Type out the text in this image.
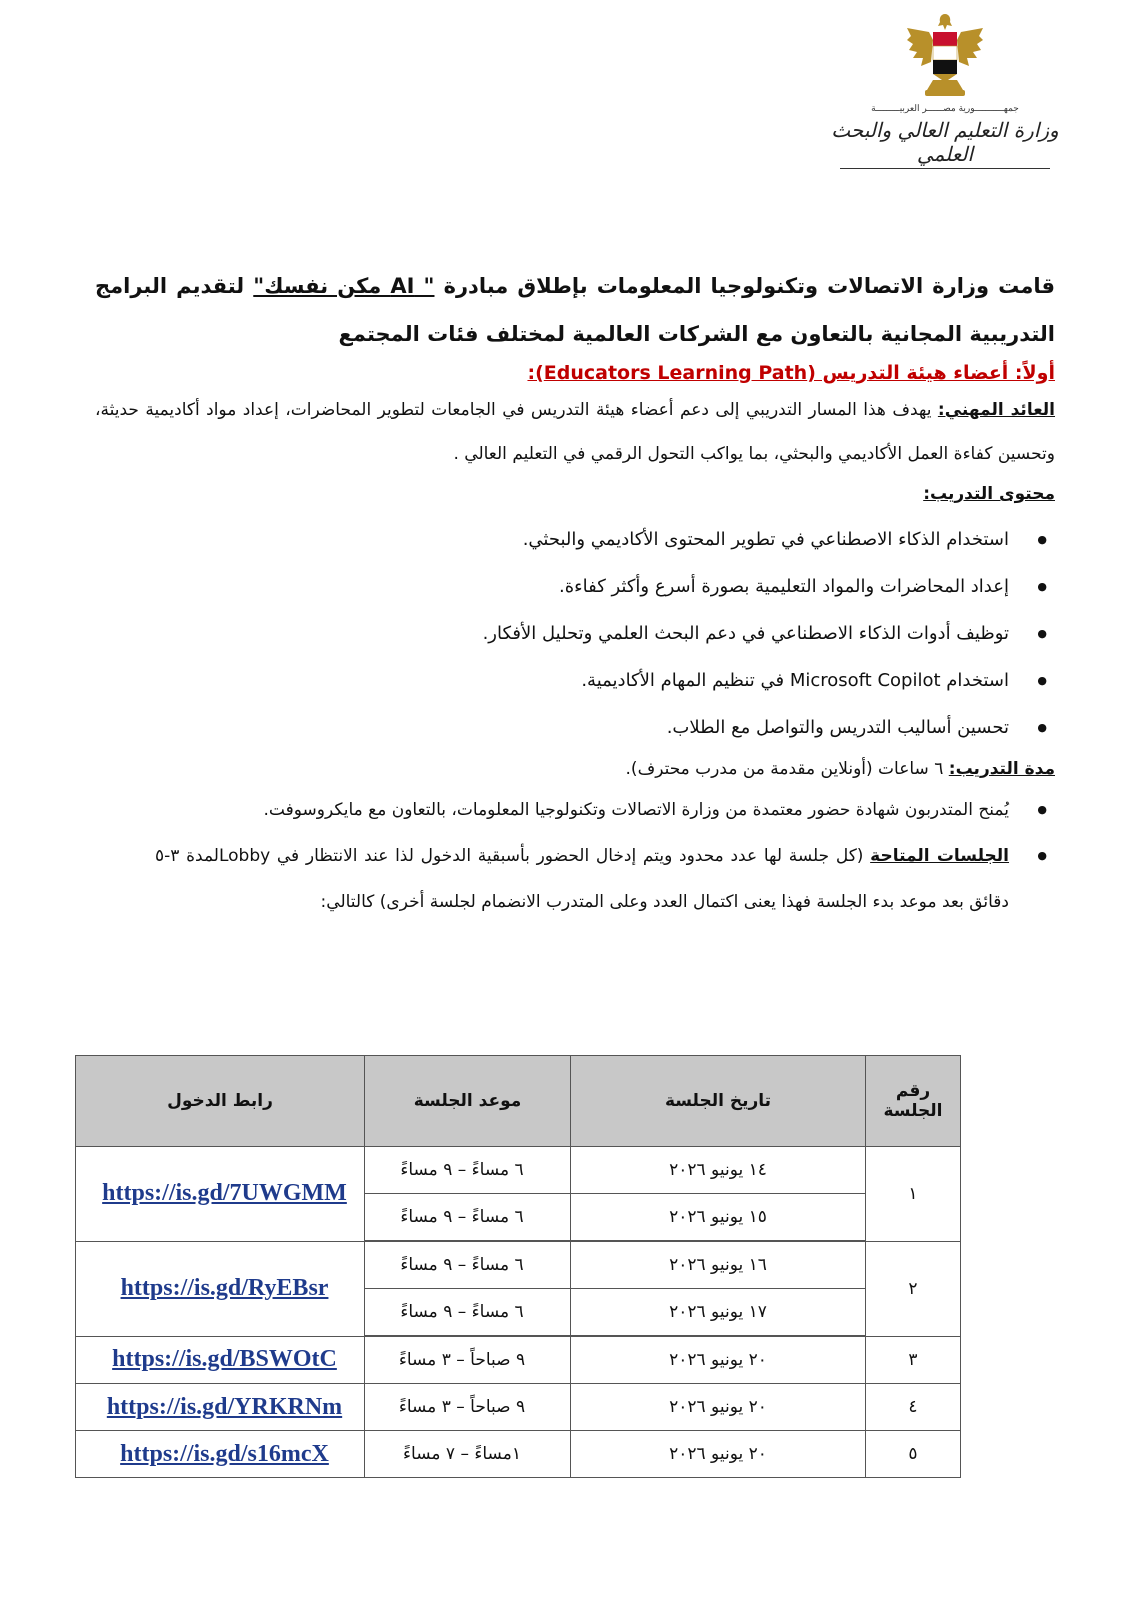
جمهـــــــــــورية مصــــــر العربيـــــــــة
وزارة التعليم العالي والبحث العلمي
قامت وزارة الاتصالات وتكنولوجيا المعلومات بإطلاق مبادرة " AI مكن نفسك" لتقديم البرامج التدريبية المجانية بالتعاون مع الشركات العالمية لمختلف فئات المجتمع
أولاً: أعضاء هيئة التدريس (Educators Learning Path):
العائد المهني: يهدف هذا المسار التدريبي إلى دعم أعضاء هيئة التدريس في الجامعات لتطوير المحاضرات، إعداد مواد أكاديمية حديثة، وتحسين كفاءة العمل الأكاديمي والبحثي، بما يواكب التحول الرقمي في التعليم العالي .
محتوى التدريب:
● استخدام الذكاء الاصطناعي في تطوير المحتوى الأكاديمي والبحثي.
● إعداد المحاضرات والمواد التعليمية بصورة أسرع وأكثر كفاءة.
● توظيف أدوات الذكاء الاصطناعي في دعم البحث العلمي وتحليل الأفكار.
● استخدام Microsoft Copilot في تنظيم المهام الأكاديمية.
● تحسين أساليب التدريس والتواصل مع الطلاب.
مدة التدريب: ٦ ساعات (أونلاين مقدمة من مدرب محترف).
● يُمنح المتدربون شهادة حضور معتمدة من وزارة الاتصالات وتكنولوجيا المعلومات، بالتعاون مع مايكروسوفت.
● الجلسات المتاحة (كل جلسة لها عدد محدود ويتم إدخال الحضور بأسبقية الدخول لذا عند الانتظار في Lobbyلمدة ٣-٥ دقائق بعد موعد بدء الجلسة فهذا يعنى اكتمال العدد وعلى المتدرب الانضمام لجلسة أخرى) كالتالي:
رقم الجلسة	تاريخ الجلسة	موعد الجلسة	رابط الدخول
١	١٤ يونيو ٢٠٢٦	٦ مساءً – ٩ مساءً	https://is.gd/7UWGMM
	١٥ يونيو ٢٠٢٦	٦ مساءً – ٩ مساءً	
٢	١٦ يونيو ٢٠٢٦	٦ مساءً – ٩ مساءً	https://is.gd/RyEBsr
	١٧ يونيو ٢٠٢٦	٦ مساءً – ٩ مساءً	
٣	٢٠ يونيو ٢٠٢٦	٩ صباحاً – ٣ مساءً	https://is.gd/BSWOtC
٤	٢٠ يونيو ٢٠٢٦	٩ صباحاً – ٣ مساءً	https://is.gd/YRKRNm
٥	٢٠ يونيو ٢٠٢٦	١مساءً – ٧ مساءً	https://is.gd/s16mcX
